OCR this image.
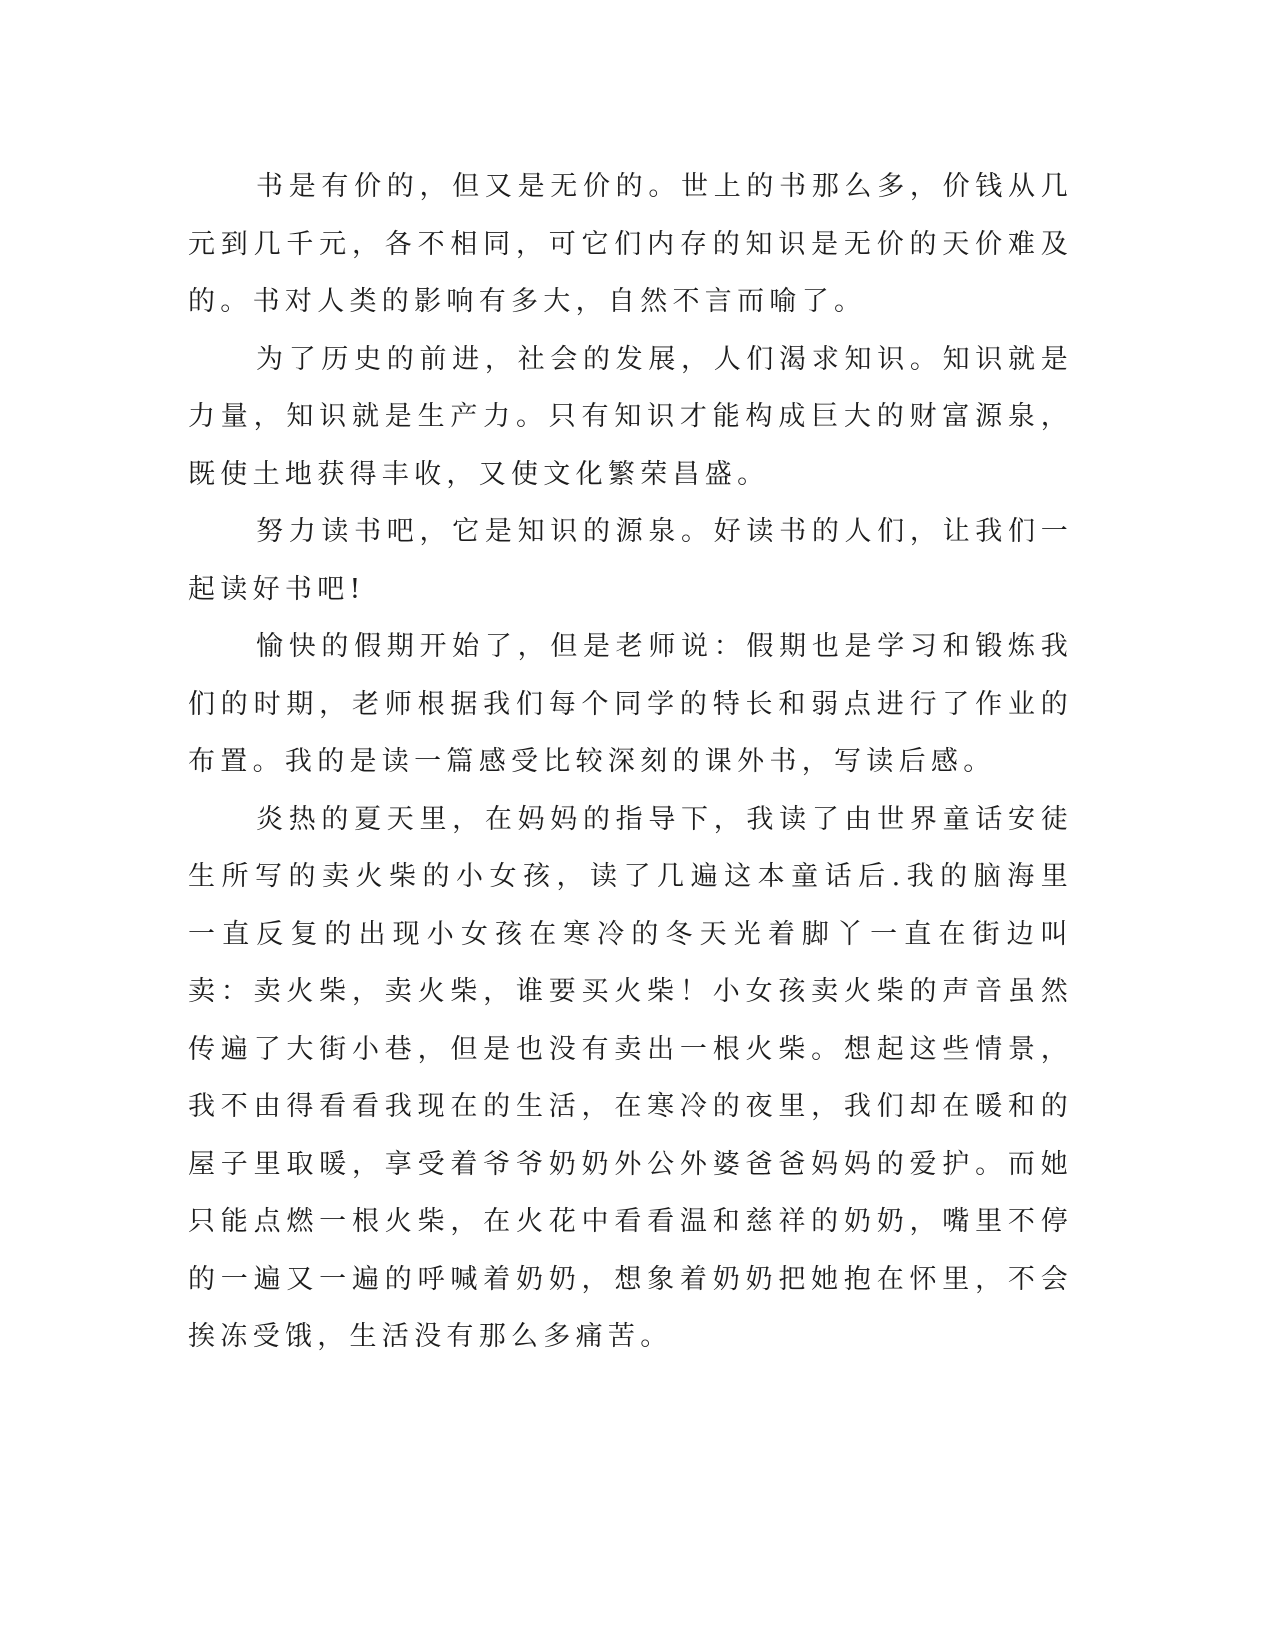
书是有价的，但又是无价的。世上的书那么多，价钱从几元到几千元，各不相同，可它们内存的知识是无价的天价难及的。书对人类的影响有多大，自然不言而喻了。

为了历史的前进，社会的发展，人们渴求知识。知识就是力量，知识就是生产力。只有知识才能构成巨大的财富源泉，既使土地获得丰收，又使文化繁荣昌盛。

努力读书吧，它是知识的源泉。好读书的人们，让我们一起读好书吧!

愉快的假期开始了，但是老师说：假期也是学习和锻炼我们的时期，老师根据我们每个同学的特长和弱点进行了作业的布置。我的是读一篇感受比较深刻的课外书，写读后感。

炎热的夏天里，在妈妈的指导下，我读了由世界童话安徒生所写的卖火柴的小女孩，读了几遍这本童话后.我的脑海里一直反复的出现小女孩在寒冷的冬天光着脚丫一直在街边叫卖：卖火柴，卖火柴，谁要买火柴！小女孩卖火柴的声音虽然传遍了大街小巷，但是也没有卖出一根火柴。想起这些情景，我不由得看看我现在的生活，在寒冷的夜里，我们却在暖和的屋子里取暖，享受着爷爷奶奶外公外婆爸爸妈妈的爱护。而她只能点燃一根火柴，在火花中看看温和慈祥的奶奶，嘴里不停的一遍又一遍的呼喊着奶奶，想象着奶奶把她抱在怀里，不会挨冻受饿，生活没有那么多痛苦。
